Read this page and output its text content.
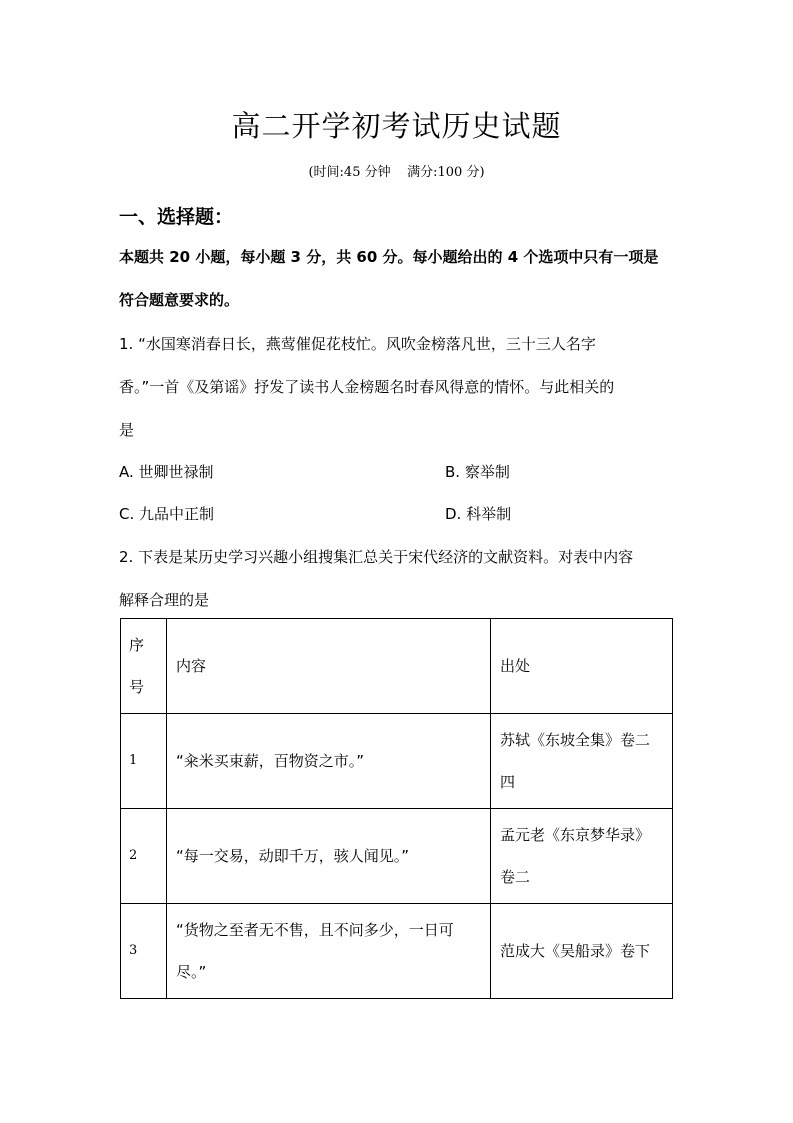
高二开学初考试历史试题
(时间:45 分钟    满分:100 分)
一、选择题：
本题共 20 小题，每小题 3 分，共 60 分。每小题给出的 4 个选项中只有一项是
符合题意要求的。
1. “水国寒消春日长，燕莺催促花枝忙。风吹金榜落凡世，三十三人名字
香。”一首《及第谣》抒发了读书人金榜题名时春风得意的情怀。与此相关的
是
A. 世卿世禄制	B. 察举制
C. 九品中正制	D. 科举制
2. 下表是某历史学习兴趣小组搜集汇总关于宋代经济的文献资料。对表中内容
解释合理的是
序
号	内容	出处
1	“籴米买束薪，百物资之市。”	苏轼《东坡全集》卷二
四

2	“每一交易，动即千万，骇人闻见。”	孟元老《东京梦华录》
卷二

3	“货物之至者无不售，且不问多少，一日可
尽。”	范成大《吴船录》卷下
